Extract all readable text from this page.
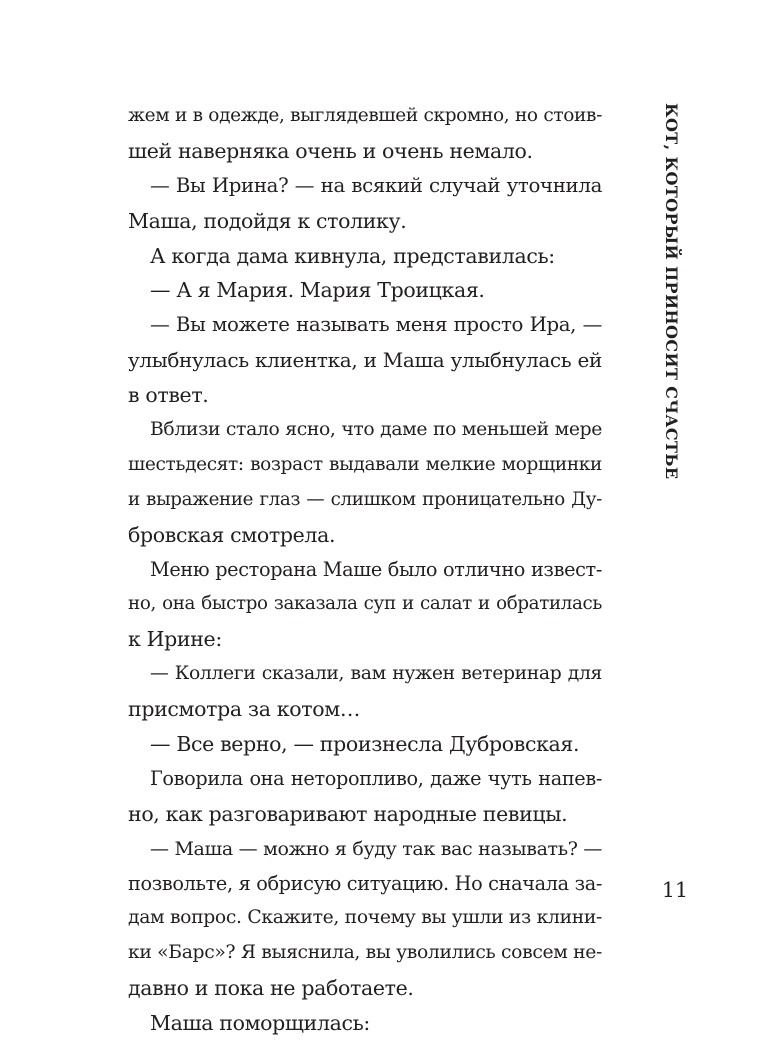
жем и в одежде, выглядевшей скромно, но стоив-
шей наверняка очень и очень немало.
— Вы Ирина? — на всякий случай уточнила
Маша, подойдя к столику.
А когда дама кивнула, представилась:
— А я Мария. Мария Троицкая.
— Вы можете называть меня просто Ира, —
улыбнулась клиентка, и Маша улыбнулась ей
в ответ.
Вблизи стало ясно, что даме по меньшей мере
шестьдесят: возраст выдавали мелкие морщинки
и выражение глаз — слишком проницательно Ду-
бровская смотрела.
Меню ресторана Маше было отлично извест-
но, она быстро заказала суп и салат и обратилась
к Ирине:
— Коллеги сказали, вам нужен ветеринар для
присмотра за котом…
— Все верно, — произнесла Дубровская.
Говорила она неторопливо, даже чуть напев-
но, как разговаривают народные певицы.
— Маша — можно я буду так вас называть? —
позвольте, я обрисую ситуацию. Но сначала за-
дам вопрос. Скажите, почему вы ушли из клини-
ки «Барс»? Я выяснила, вы уволились совсем не-
давно и пока не работаете.
Маша поморщилась:
КОТ, КОТОРЫЙ ПРИНОСИТ СЧАСТЬЕ
11
